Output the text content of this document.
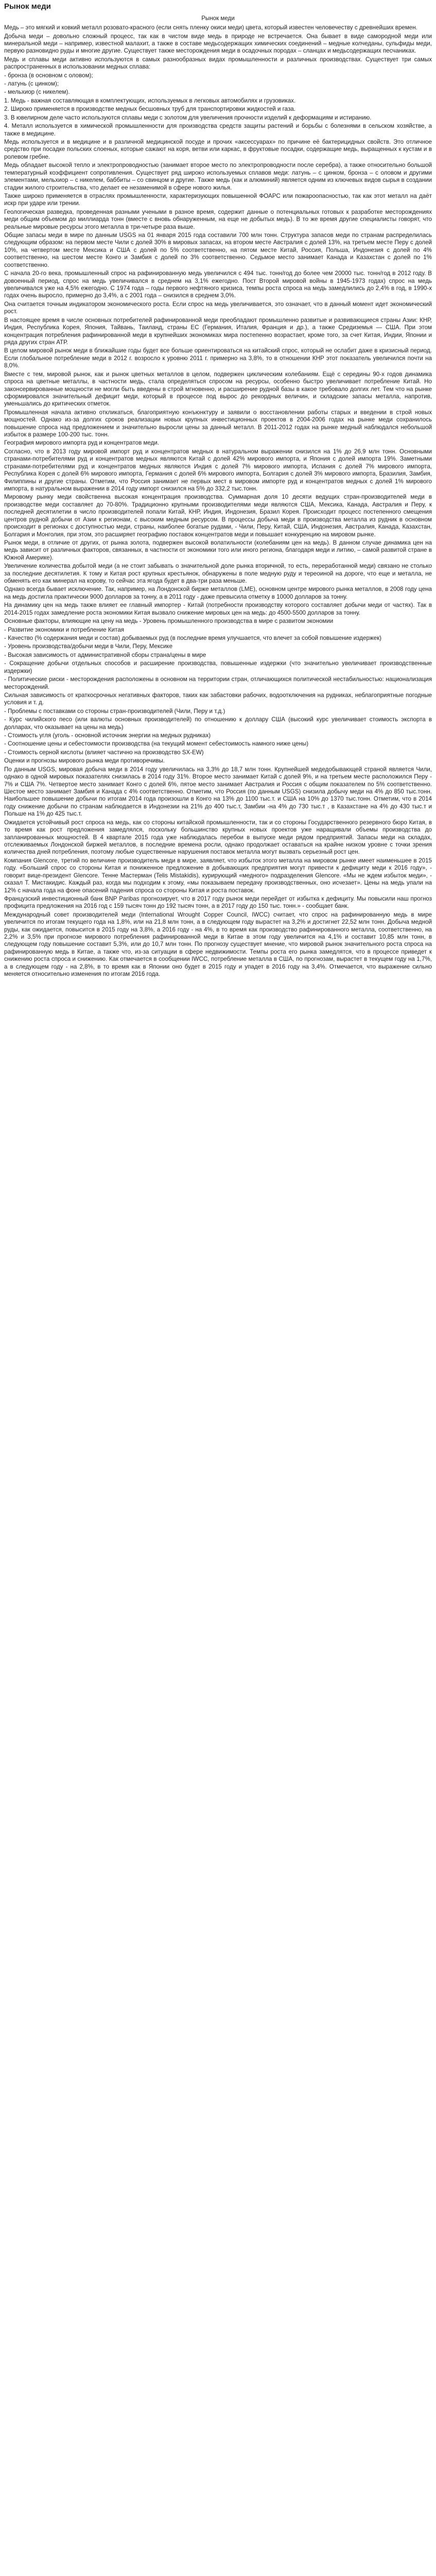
Рынок меди
Рынок меди

Медь – это мягкий и ковкий металл розовато-красного (если снять пленку окиси меди) цвета, который известен человечеству с древнейших времен.

Добыча меди – довольно сложный процесс, так как в чистом виде медь в природе не встречается. Она бывает в виде самородной меди или минеральной меди – например, известной малахит, а также в составе медьсодержащих химических соединений – медные колчеданы, сульфиды меди, первую разновидно руды и многие другие. Существует также месторождения меди в осадочных породах – сланцах и медьсодержащих песчаниках.

Медь и сплавы меди активно используются в самых разнообразных видах промышленности и различных производствах. Существует три самых распространенных в использовании медных сплава:

- бронза (в основном с оловом);

- латунь (с цинком);

- мельхиор (с никелем).

1. Медь - важная составляющая в комплектующих, используемых в легковых автомобилях и грузовиках.

2. Широко применяется в производстве медных бесшовных труб для транспортировки жидкостей и газа.

3. В ювелирном деле часто используются сплавы меди с золотом для увеличения прочности изделий к деформациям и истиранию.

4. Металл используется в химической промышленности для производства средств защиты растений и борьбы с болезнями в сельском хозяйстве, а также в медицине.

Медь используется и в медицине и в различной медицинской посуде и прочих «аксессуарах» по причине её бактерицидных свойств. Это отличное средство при посадке польских слоеных, которые сажают на коря, ветви или каркас, в фруктовые посадки, содержащие медь, выращенных к кустам и в ролевом гребне.

Медь обладает высокой тепло и электропроводностью (занимает второе место по электропроводности после серебра), а также относительно большой температурный коэффициент сопротивления. Существует ряд широко используемых сплавов меди: латунь – с цинком, бронза – с оловом и другими элементами, мельхиор – с никелем, баббиты – со свинцом и другие. Также медь (как и алюминий) является одним из ключевых видов сырья в создании стадии жилого строительства, что делает ее незаменимой в сфере нового жилья.

Также широко применяется в отраслях промышленности, характеризующих повышенной ФОАРС или пожароопасностью, так как этот металл на даёт искр при ударе или трении.

Геологическая разведка, проведенная разными учеными в разное время, содержит данные о потенциальных готовых к разработке месторождениях меди общим объемом до миллиарда тонн (вместе с вновь обнаруженным, на еще не добытых медь). В то же время другие специалисты говорят, что реальные мировые ресурсы этого металла в три-четыре раза выше.

Общие запасы меди в мире по данным USGS на 01 января 2015 года составили 700 млн тонн. Структура запасов меди по странам распределилась следующим образом: на первом месте Чили с долей 30% в мировых запасах, на втором месте Австралия с долей 13%, на третьем месте Перу с долей 10%, на четвертом месте Мексика и США с долей по 5% соответственно, на пятом месте Китай, Россия, Польша, Индонезия с долей по 4% соответственно, на шестом месте Конго и Замбия с долей по 3% соответственно. Седьмое место занимает Канада и Казахстан с долей по 1% соответственно.

С начала 20-го века, промышленный спрос на рафинированную медь увеличился с 494 тыс. тонн/год до более чем 20000 тыс. тонн/год в 2012 году. В довоенный период, спрос на медь увеличивался в среднем на 3,1% ежегодно. Пост Второй мировой войны в 1945-1973 годах) спрос на медь увеличивался уже на 4,5% ежегодно. С 1974 года – годы первого нефтяного кризиса, темпы роста спроса на медь замедлились до 2,4% в год, в 1990-х годах очень выросло, примерно до 3,4%, а с 2001 года – снизился в среднем 3,0%.

Она считается точным индикатором экономического роста. Если спрос на медь увеличивается, это означает, что в данный момент идет экономический рост.

В настоящее время в числе основных потребителей рафинированной меди преобладают промышленно развитые и развивающиеся страны Азии: КНР, Индия, Республика Корея, Япония, Тайвань, Таиланд, страны ЕС (Германия, Италия, Франция и др.), а также Средиземья — США. При этом концентрация потребления рафинированной меди в крупнейших экономиках мира постепенно возрастает, кроме того, за счет Китая, Индии, Японии и ряда других стран АТР.

В целом мировой рынок меди в ближайшие годы будет все больше ориентироваться на китайский спрос, который не ослабит даже в кризисный период. Если глобальное потребление меди в 2012 г. возросло к уровню 2011 г. примерно на 3,8%, то в отношении КНР этот показатель увеличился почти на 8,0%.

Вместе с тем, мировой рынок, как и рынок цветных металлов в целом, подвержен циклическим колебаниям. Ещё с середины 90-х годов динамика спроса на цветные металлы, в частности медь, стала определяться спросом на ресурсы, особенно быстро увеличивает потребление Китай. Но законсервированные мощности не могли быть введены в строй мгновенно, и расширение рудной базы в какое требовало долгих лет. Тем что на рынке сформировался значительный дефицит меди, который в процессе под вырос до рекордных величин, и складские запасы металла, напротив, уменьшались до критических отметок.

Промышленная начала активно откликаться, благоприятную конъюнктуру и заявили о восстановлении работы старых и введении в строй новых мощностей. Однако из-за долгих сроков реализации новых крупных инвестиционных проектов в 2004-2006 годах на рынке меди сохранилось повышение спроса над предложением и значительно выросли цены за данный металл. В 2011-2012 годах на рынке медный наблюдался небольшой избыток в размере 100-200 тыс. тонн.

География мирового импорта руд и концентратов меди.

Согласно, что в 2013 году мировой импорт руд и концентратов медных в натуральном выражении снизился на 1% до 26,9 млн тонн. Основными странами-потребителями руд и концентратов медных являются Китай с долей 42% мирового импорта, и Япония с долей импорта 19%. Заметными странами-потребителями руд и концентратов медных являются Индия с долей 7% мирового импорта, Испания с долей 7% мирового импорта, Республика Корея с долей 6% мирового импорта, Германия с долей 6% мирового импорта, Болгария с долей 3% мирового импорта, Бразилия, Замбия, Филиппины и другие страны. Отметим, что Россия занимает не первых мест в мировом импорте руд и концентратов медных с долей 1% мирового импорта, в натуральном выражении в 2014 году импорт снизился на 5% до 332,2 тыс.тонн.

Мировому рынку меди свойственна высокая концентрация производства. Суммарная доля 10 десяти ведущих стран-производителей меди в производстве меди составляет до 70-80%. Традиционно крупными производителями меди являются США, Мексика, Канада, Австралия и Перу, к последней десятилетии в число производителей попали Китай, КНР, Индия, Индонезия, Бразил Корея. Происходит процесс постепенного смещения центров рудной добычи от Азии к регионам, с высоким медным ресурсом. В процессы добыча меди в производства металла из рудник в основном происходит в регионах с доступностью меди, страны, наиболее богатые рудами, - Чили, Перу, Китай, США, Индонезия, Австралия, Канада, Казахстан, Болгария и Монголия, при этом, это расширяет географию поставок концентратов меди и повышает конкуренцию на мировом рынке.

Рынок меди, в отличие от других, от рынка золота, подвержен высокой волатильности (колебаниям цен на медь). В данном случае динамика цен на медь зависит от различных факторов, связанных, в частности от экономики того или иного региона, благодаря меди и литию, – самой развитой стране в Южной Америке).

Увеличение количества добытой меди (а не стоит забывать о значительной доле рынка вторичной, то есть, переработанной меди) связано не столько за последние десятилетия. К тому и Китая рост крупных крестьянок, обнаружены в поле медную руду и тереоиной на дороге, что еще и металла, не обменять его как минерал на корову, то сейчас эта ягода будет в два-три раза меньше.

Однако всегда бывает исключение. Так, например, на Лондонской бирже металлов (LME), основном центре мирового рынка металлов, в 2008 году цена на медь достигла практически 9000 долларов за тонну, а в 2011 году - даже превысила отметку в 10000 долларов за тонну.

На динамику цен на медь также влияет ее главный импортер - Китай (потребности производству которого составляет добычи меди от частях). Так в 2014-2015 годах замедление роста экономики Китая вызвало снижение мировых цен на медь: до 4500-5500 долларов за тонну.

Основные факторы, влияющие на цену на медь - Уровень промышленного производства в мире с развитом экономии

- Развитие экономики и потребление Китая

- Качество (% содержания меди и состав) добываемых руд (в последние время улучшается, что влечет за собой повышение издержек)

- Уровень производства/добычи меди в Чили, Перу, Мексике

- Высокая зависимость от административной сборы страна/цены в мире

- Сокращение добычи отдельных способов и расширение производства, повышенные издержки (что значительно увеличивает производственные издержки)

- Политические риски - месторождения расположены в основном на территории стран, отличающихся политической нестабильностью: национализация месторождений.

Сильная зависимость от краткосрочных негативных факторов, таких как забастовки рабочих, водоотключения на рудниках, неблагоприятные погодные условия и т. д.

- Проблемы с поставками со стороны стран-производителей (Чили, Перу и т.д.)

- Курс чилийского песо (или валюты основных производителей) по отношению к доллару США (высокий курс увеличивает стоимость экспорта в долларах, что оказывает на цены на медь)

- Стоимость угля (уголь - основной источник энергии на медных рудниках)

- Соотношение цены и себестоимости производства (на текущий момент себестоимость намного ниже цены)

- Стоимость серной кислоты (влияет частично на производство SX-EW)

Оценки и прогнозы мирового рынка меди противоречивы.

По данным USGS, мировая добыча меди в 2014 году увеличилась на 3,3% до 18,7 млн тонн. Крупнейшей медедобывающей страной является Чили, однако в одной мировых показателях снизилась в 2014 году 31%. Второе место занимает Китай с долей 9%, и на третьем месте расположился Перу - 7% и США 7%. Четвертое место занимает Конго с долей 6%, пятое место занимает Австралия и Россия с общим показателем по 5% соответственно. Шестое место занимает Замбия и Канада с 4% соответственно. Отметим, что Россия (по данным USGS) снизила добычу меди на 4% до 850 тыс.тонн. Наибольшее повышение добычи по итогам 2014 года произошли в Конго на 13% до 1100 тыс.т. и США на 10% до 1370 тыс.тонн. Отметим, что в 2014 году снижение добычи по странам наблюдается в Индонезии на 21% до 400 тыс.т, Замбии -на 4% до 730 тыс.т , в Казахстане на 4% до 430 тыс.т и Польше на 1% до 425 тыс.т.

Ожидается устойчивый рост спроса на медь, как со стороны китайской промышленности, так и со стороны Государственного резервного бюро Китая, в то время как рост предложения замедлялся, поскольку большинство крупных новых проектов уже наращивали объемы производства до запланированных мощностей. В 4 квартале 2015 года уже наблюдалась перебои в выпуске меди рядом предприятий. Запасы меди на складах, отслеживаемых Лондонской биржей металлов, в последние времена росли, однако продолжает оставаться на крайне низком уровне с точки зрения количества дней потребления, поэтому любые существенные нарушения поставок металла могут вызвать серьезный рост цен.

Компания Glencore, третий по величине производитель меди в мире, заявляет, что избыток этого металла на мировом рынке имеет наименьшее в 2015 году. «Больший спрос со стороны Китая и пониженное предложение в добывающих предприятия могут привести к дефициту меди к 2016 году», - говорит вице-президент Glencore. Тенне Мастерман (Telis Mistakidis), курирующий «медного» подразделения Glencore. «Мы не ждем избыток меди», - сказал Т. Мистакидис. Каждый раз, когда мы подходим к этому, «мы показываем передачу производственных, оно исчезает». Цены на медь упали на 12% с начала года на фоне опасений падения спроса со стороны Китая и роста поставок.

Французский инвестиционный банк BNP Paribas прогнозирует, что в 2017 году рынок меди перейдет от избытка к дефициту. Мы повысили наш прогноз профицита предложения на 2016 год с 159 тысяч тонн до 192 тысяч тонн, а в 2017 году до 150 тыс. тонн.» - сообщает банк.

Международный совет производителей меди (International Wrought Copper Council, IWCC) считает, что спрос на рафинированную медь в мире увеличится по итогам текущего года на 1,8%, или на 21,8 млн тонн, а в следующем году вырастет на 3,2% и достигнет 22,52 млн тонн. Добыча медной руды, как ожидается, повысится в 2015 году на 3,8%, а 2016 году - на 4%, в то время как производство рафинированного металла, соответственно, на 2,2% и 3,5% при прогнозе мирового потребления рафинированной меди в Китае в этом году увеличится на 4,1% и составит 10,85 млн тонн, в следующем году повышение составит 5,3%, или до 10,7 млн тонн. По прогнозу существует мнение, что мировой рынок значительного роста спроса на рафинированную медь в Китае, а также что, из-за ситуации в сфере недвижимости. Темпы роста его рынка замедлятся, что в процессе приведет к снижению роста спроса и снижению. Как отмечается в сообщении IWCC, потребление металла в США, по прогнозам, вырастет в текущем году на 1,7%, а в следующем году - на 2,8%, в то время как в Японии оно будет в 2015 году и упадет в 2016 году на 3,4%. Отмечается, что выражение сильно меняется относительно изменения по итогам 2016 года.
